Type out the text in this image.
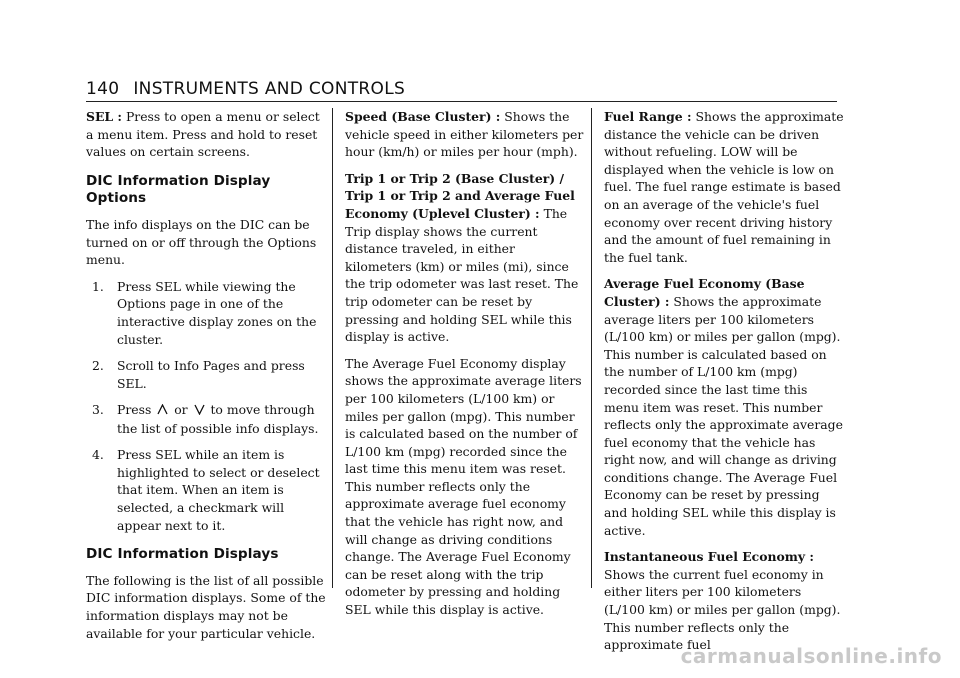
140 INSTRUMENTS AND CONTROLS

SEL : Press to open a menu or select a menu item. Press and hold to reset values on certain screens.

DIC Information Display Options

The info displays on the DIC can be turned on or off through the Options menu.

1. Press SEL while viewing the Options page in one of the interactive display zones on the cluster.
2. Scroll to Info Pages and press SEL.
3. Press  or  to move through the list of possible info displays.
4. Press SEL while an item is highlighted to select or deselect that item. When an item is selected, a checkmark will appear next to it.
DIC Information Displays

The following is the list of all possible DIC information displays. Some of the information displays may not be available for your particular vehicle.

Speed (Base Cluster) : Shows the vehicle speed in either kilometers per hour (km/h) or miles per hour (mph).

Trip 1 or Trip 2 (Base Cluster) / Trip 1 or Trip 2 and Average Fuel Economy (Uplevel Cluster) : The Trip display shows the current distance traveled, in either kilometers (km) or miles (mi), since the trip odometer was last reset. The trip odometer can be reset by pressing and holding SEL while this display is active.

The Average Fuel Economy display shows the approximate average liters per 100 kilometers (L/100 km) or miles per gallon (mpg). This number is calculated based on the number of L/100 km (mpg) recorded since the last time this menu item was reset. This number reflects only the approximate average fuel economy that the vehicle has right now, and will change as driving conditions change. The Average Fuel Economy can be reset along with the trip odometer by pressing and holding SEL while this display is active.

Fuel Range : Shows the approximate distance the vehicle can be driven without refueling. LOW will be displayed when the vehicle is low on fuel. The fuel range estimate is based on an average of the vehicle's fuel economy over recent driving history and the amount of fuel remaining in the fuel tank.

Average Fuel Economy (Base Cluster) : Shows the approximate average liters per 100 kilometers (L/100 km) or miles per gallon (mpg). This number is calculated based on the number of L/100 km (mpg) recorded since the last time this menu item was reset. This number reflects only the approximate average fuel economy that the vehicle has right now, and will change as driving conditions change. The Average Fuel Economy can be reset by pressing and holding SEL while this display is active.

Instantaneous Fuel Economy : Shows the current fuel economy in either liters per 100 kilometers (L/100 km) or miles per gallon (mpg). This number reflects only the approximate fuel

carmanualsonline.info
